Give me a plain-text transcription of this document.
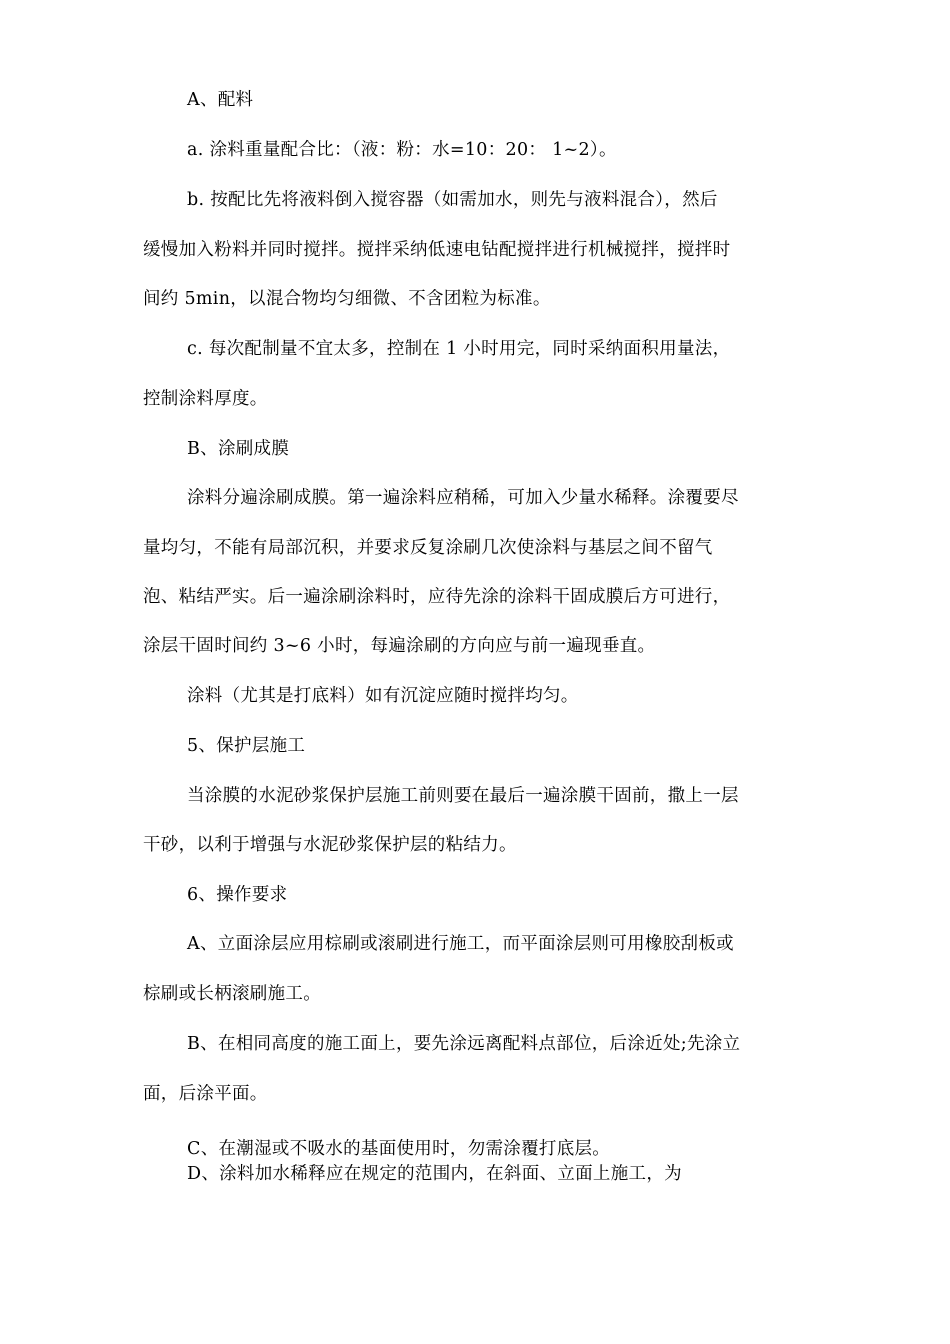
A、配料
a. 涂料重量配合比：（液：粉：水=10：20： 1~2）。
b. 按配比先将液料倒入搅容器（如需加水，则先与液料混合），然后
缓慢加入粉料并同时搅拌。搅拌采纳低速电钻配搅拌进行机械搅拌，搅拌时
间约 5min，以混合物均匀细微、不含团粒为标准。
c. 每次配制量不宜太多，控制在 1 小时用完，同时采纳面积用量法，
控制涂料厚度。
B、涂刷成膜
涂料分遍涂刷成膜。第一遍涂料应稍稀，可加入少量水稀释。涂覆要尽
量均匀，不能有局部沉积，并要求反复涂刷几次使涂料与基层之间不留气
泡、粘结严实。后一遍涂刷涂料时，应待先涂的涂料干固成膜后方可进行，
涂层干固时间约 3~6 小时，每遍涂刷的方向应与前一遍现垂直。
涂料（尤其是打底料）如有沉淀应随时搅拌均匀。
5、保护层施工
当涂膜的水泥砂浆保护层施工前则要在最后一遍涂膜干固前，撒上一层
干砂，以利于增强与水泥砂浆保护层的粘结力。
6、操作要求
A、立面涂层应用棕刷或滚刷进行施工，而平面涂层则可用橡胶刮板或
棕刷或长柄滚刷施工。
B、在相同高度的施工面上，要先涂远离配料点部位，后涂近处;先涂立
面，后涂平面。
C、在潮湿或不吸水的基面使用时，勿需涂覆打底层。
D、涂料加水稀释应在规定的范围内，在斜面、立面上施工，为
